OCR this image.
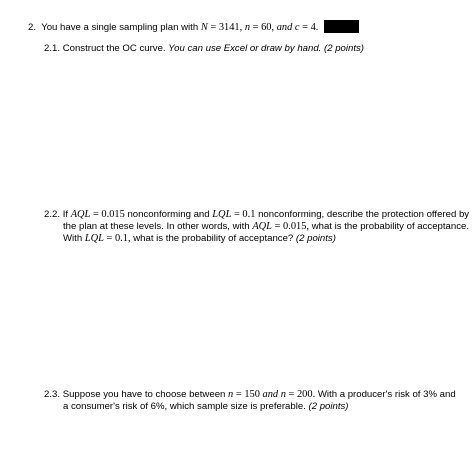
2. You have a single sampling plan with N = 3141, n = 60, and c = 4.
2.1. Construct the OC curve. You can use Excel or draw by hand. (2 points)
2.2. If AQL = 0.015 nonconforming and LQL = 0.1 nonconforming, describe the protection offered by
the plan at these levels. In other words, with AQL = 0.015, what is the probability of acceptance.
With LQL = 0.1, what is the probability of acceptance? (2 points)
2.3. Suppose you have to choose between n = 150 and n = 200. With a producer's risk of 3% and
a consumer's risk of 6%, which sample size is preferable. (2 points)
